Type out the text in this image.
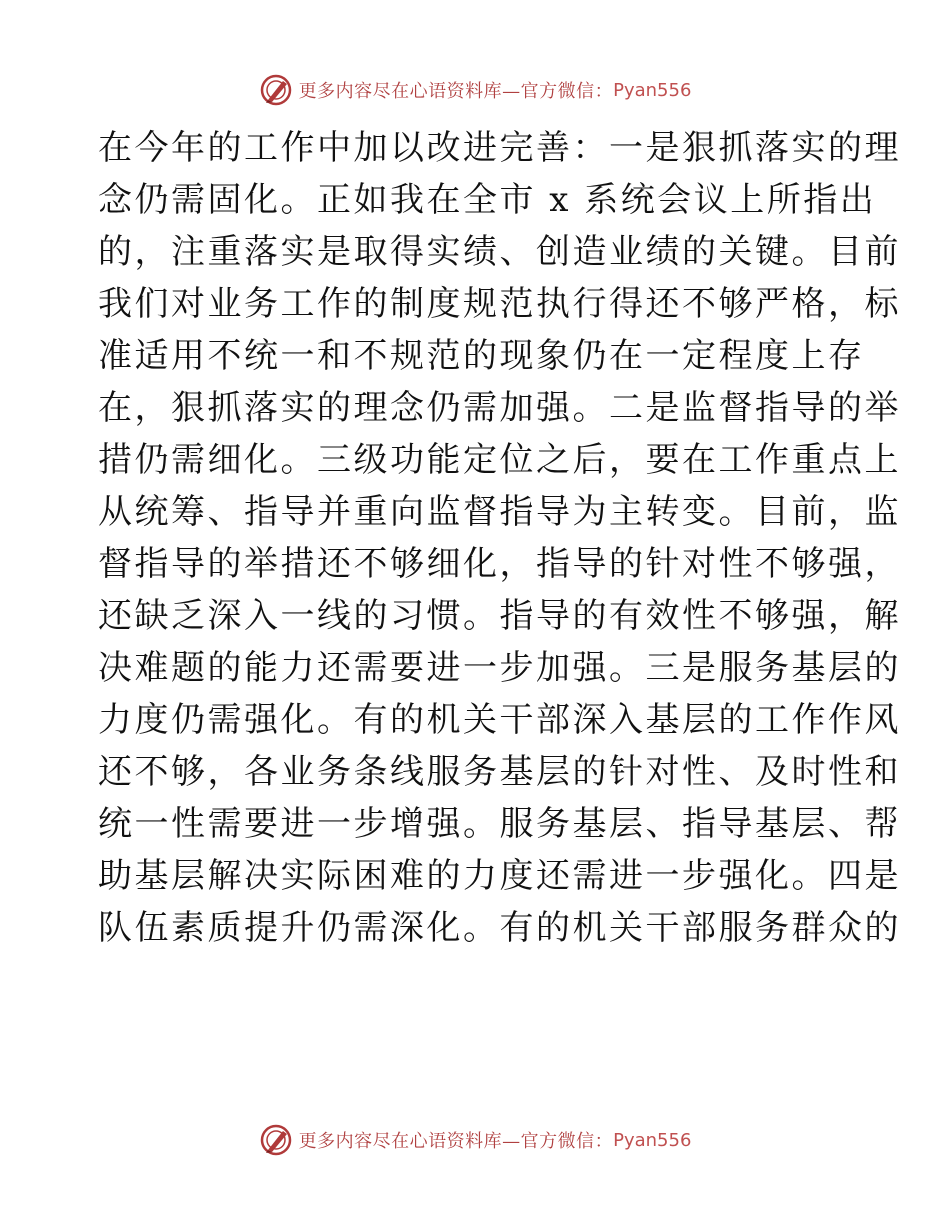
更多内容尽在心语资料库—官方微信： Pyan556
在今年的工作中加以改进完善：一是狠抓落实的理
念仍需固化。正如我在全市 x 系统会议上所指出
的，注重落实是取得实绩、创造业绩的关键。目前
我们对业务工作的制度规范执行得还不够严格，标
准适用不统一和不规范的现象仍在一定程度上存
在，狠抓落实的理念仍需加强。二是监督指导的举
措仍需细化。三级功能定位之后，要在工作重点上
从统筹、指导并重向监督指导为主转变。目前，监
督指导的举措还不够细化，指导的针对性不够强，
还缺乏深入一线的习惯。指导的有效性不够强，解
决难题的能力还需要进一步加强。三是服务基层的
力度仍需强化。有的机关干部深入基层的工作作风
还不够，各业务条线服务基层的针对性、及时性和
统一性需要进一步增强。服务基层、指导基层、帮
助基层解决实际困难的力度还需进一步强化。四是
队伍素质提升仍需深化。有的机关干部服务群众的
更多内容尽在心语资料库—官方微信： Pyan556
